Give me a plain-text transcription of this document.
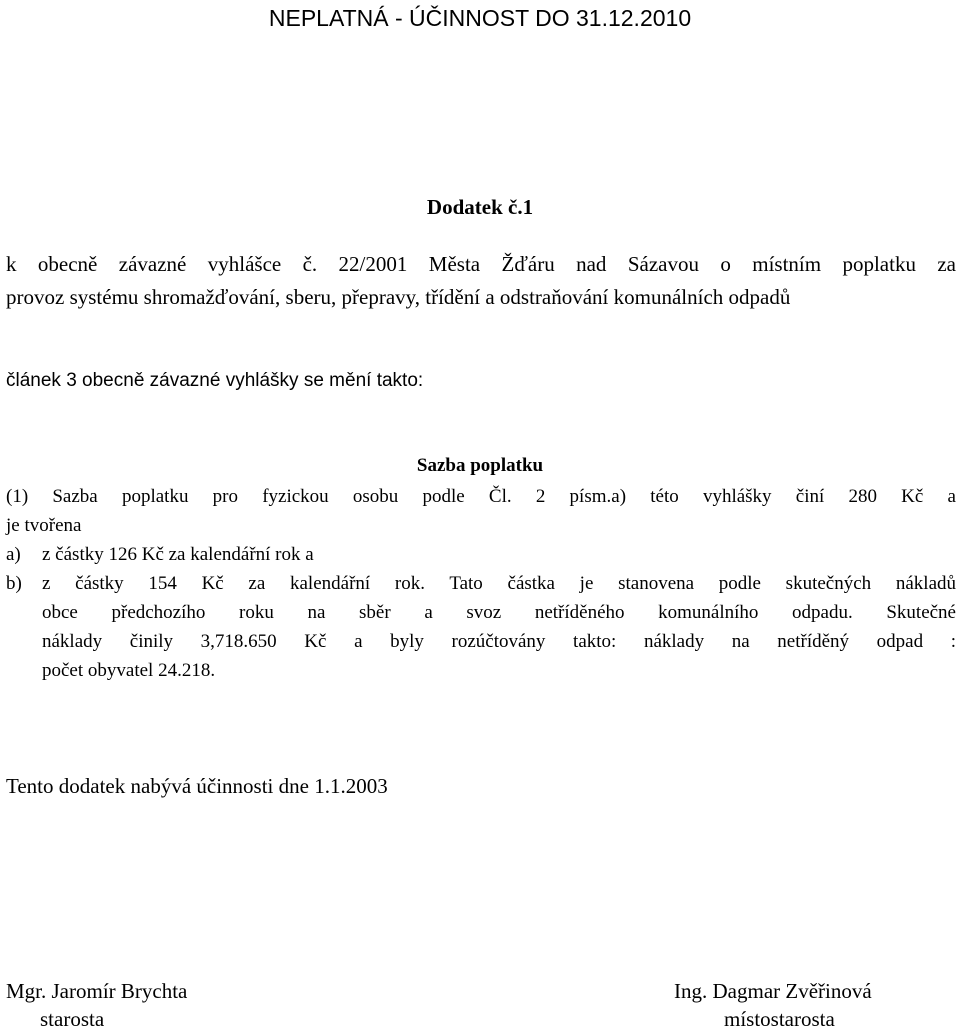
NEPLATNÁ - ÚČINNOST DO 31.12.2010
Dodatek č.1
k obecně závazné vyhlášce č. 22/2001 Města Žďáru nad Sázavou o místním poplatku za
provoz systému shromažďování, sberu, přepravy, třídění a odstraňování komunálních odpadů
článek 3 obecně závazné vyhlášky se mění takto:
Sazba poplatku
(1) Sazba poplatku pro fyzickou osobu podle Čl. 2 písm.a) této vyhlášky činí 280 Kč a
je tvořena
a) z částky 126 Kč za kalendářní rok a
b) z částky 154 Kč za kalendářní rok. Tato částka je stanovena podle skutečných nákladů
obce předchozího roku na sběr a svoz netříděného komunálního odpadu. Skutečné
náklady činily 3,718.650 Kč a byly rozúčtovány takto: náklady na netříděný odpad :
počet obyvatel 24.218.
Tento dodatek nabývá účinnosti dne 1.1.2003
Mgr. Jaromír Brychta
starosta
Ing. Dagmar Zvěřinová
místostarosta
